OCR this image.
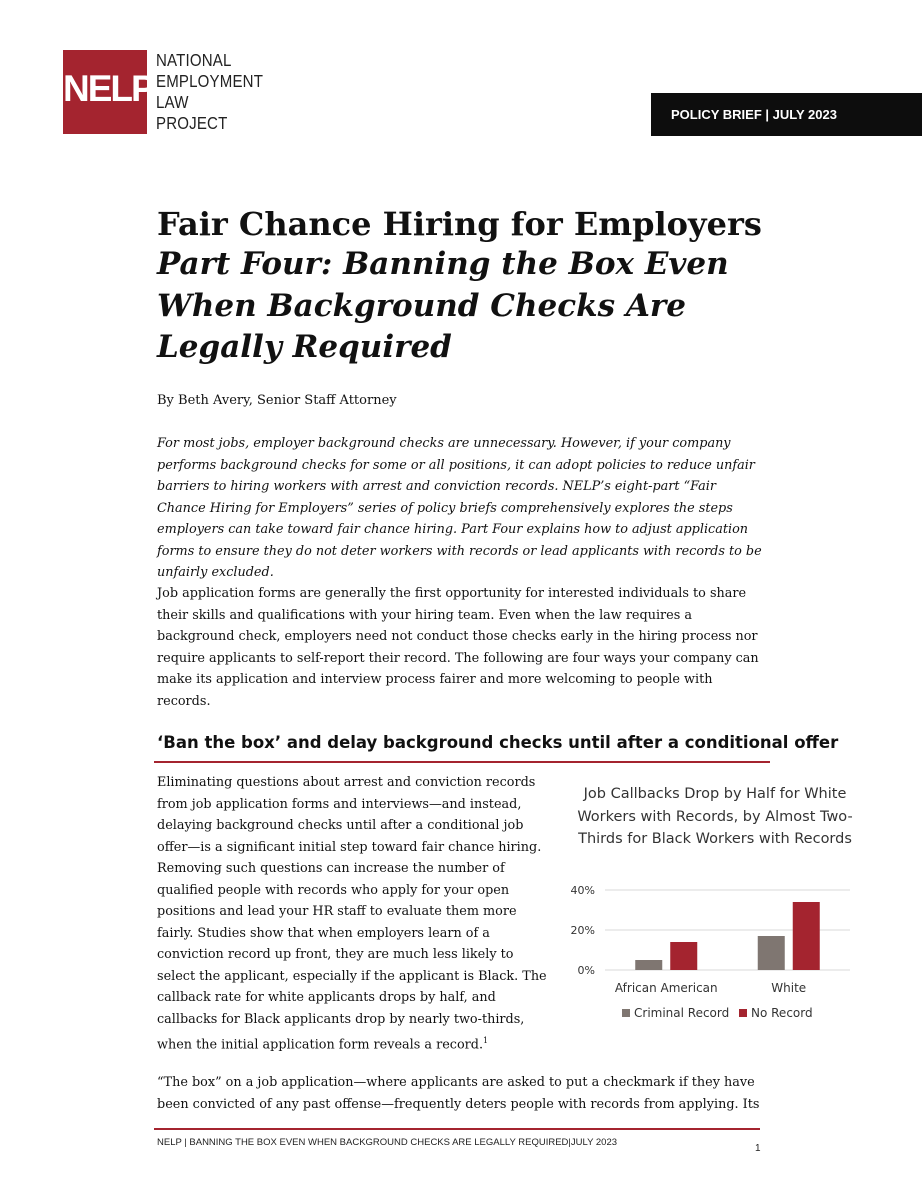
NELP
NATIONAL
EMPLOYMENT
LAW
PROJECT	POLICY BRIEF | JULY 2023
Fair Chance Hiring for Employers
Part Four: Banning the Box Even When Background Checks Are Legally Required
By Beth Avery, Senior Staff Attorney
For most jobs, employer background checks are unnecessary. However, if your company performs background checks for some or all positions, it can adopt policies to reduce unfair barriers to hiring workers with arrest and conviction records. NELP’s eight-part “Fair Chance Hiring for Employers” series of policy briefs comprehensively explores the steps employers can take toward fair chance hiring. Part Four explains how to adjust application forms to ensure they do not deter workers with records or lead applicants with records to be unfairly excluded.
Job application forms are generally the first opportunity for interested individuals to share their skills and qualifications with your hiring team. Even when the law requires a background check, employers need not conduct those checks early in the hiring process nor require applicants to self-report their record. The following are four ways your company can make its application and interview process fairer and more welcoming to people with records.
‘Ban the box’ and delay background checks until after a conditional offer
Eliminating questions about arrest and conviction records from job application forms and interviews—and instead, delaying background checks until after a conditional job offer—is a significant initial step toward fair chance hiring. Removing such questions can increase the number of qualified people with records who apply for your open positions and lead your HR staff to evaluate them more fairly. Studies show that when employers learn of a conviction record up front, they are much less likely to select the applicant, especially if the applicant is Black. The callback rate for white applicants drops by half, and callbacks for Black applicants drop by nearly two-thirds, when the initial application form reveals a record.$^1$
Job Callbacks Drop by Half for White Workers with Records, by Almost Two-Thirds for Black Workers with Records
0%
20%
40%
African American	White
Criminal Record No Record
“The box” on a job application—where applicants are asked to put a checkmark if they have been convicted of any past offense—frequently deters people with records from applying. Its
NELP | BANNING THE BOX EVEN WHEN BACKGROUND CHECKS ARE LEGALLY REQUIRED|JULY 2023
1
